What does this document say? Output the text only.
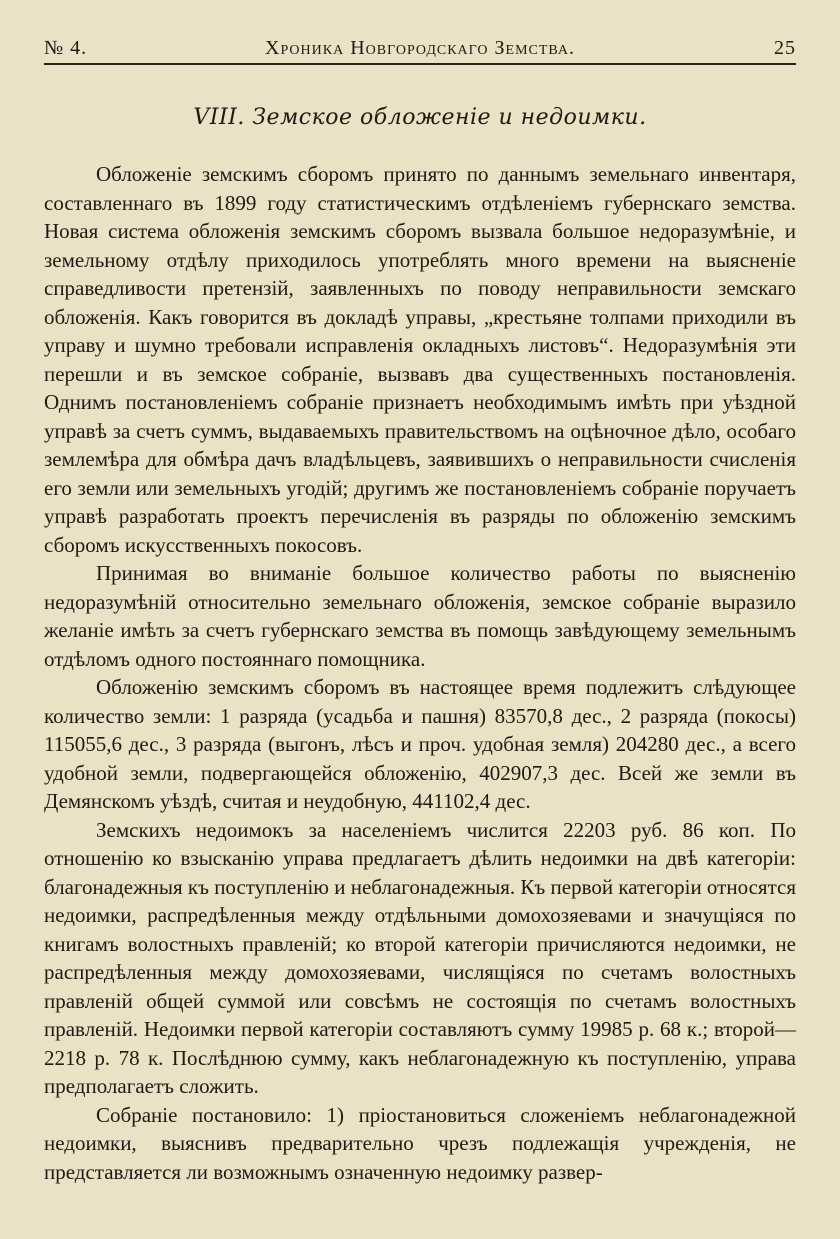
№ 4.	Хроника Новгородскаго Земства.	25
VIII. Земское обложеніе и недоимки.

Обложеніе земскимъ сборомъ принято по даннымъ земельнаго инвентаря, составленнаго въ 1899 году статистическимъ отдѣленіемъ губернскаго земства. Новая система обложенія земскимъ сборомъ вызвала большое недоразумѣніе, и земельному отдѣлу приходилось употреблять много времени на выясненіе справедливости претензій, заявленныхъ по поводу неправильности земскаго обложенія. Какъ говорится въ докладѣ управы, „крестьяне толпами приходили въ управу и шумно требовали исправленія окладныхъ листовъ“. Недоразумѣнія эти перешли и въ земское собраніе, вызвавъ два существенныхъ постановленія. Однимъ постановленіемъ собраніе признаетъ необходимымъ имѣть при уѣздной управѣ за счетъ суммъ, выдаваемыхъ правительствомъ на оцѣночное дѣло, особаго землемѣра для обмѣра дачъ владѣльцевъ, заявившихъ о неправильности счисленія его земли или земельныхъ угодій; другимъ же постановленіемъ собраніе поручаетъ управѣ разработать проектъ перечисленія въ разряды по обложенію земскимъ сборомъ искусственныхъ покосовъ.

Принимая во вниманіе большое количество работы по выясненію недоразумѣній относительно земельнаго обложенія, земское собраніе выразило желаніе имѣть за счетъ губернскаго земства въ помощь завѣдующему земельнымъ отдѣломъ одного постояннаго помощника.

Обложенію земскимъ сборомъ въ настоящее время подлежитъ слѣдующее количество земли: 1 разряда (усадьба и пашня) 83570,8 дес., 2 разряда (покосы) 115055,6 дес., 3 разряда (выгонъ, лѣсъ и проч. удобная земля) 204280 дес., а всего удобной земли, подвергающейся обложенію, 402907,3 дес. Всей же земли въ Демянскомъ уѣздѣ, считая и неудобную, 441102,4 дес.

Земскихъ недоимокъ за населеніемъ числится 22203 руб. 86 коп. По отношенію ко взысканію управа предлагаетъ дѣлить недоимки на двѣ категоріи: благонадежныя къ поступленію и неблагонадежныя. Къ первой категоріи относятся недоимки, распредѣленныя между отдѣльными домохозяевами и значущіяся по книгамъ волостныхъ правленій; ко второй категоріи причисляются недоимки, не распредѣленныя между домохозяевами, числящіяся по счетамъ волостныхъ правленій общей суммой или совсѣмъ не состоящія по счетамъ волостныхъ правленій. Недоимки первой категоріи составляютъ сумму 19985 р. 68 к.; второй— 2218 р. 78 к. Послѣднюю сумму, какъ неблагонадежную къ поступленію, управа предполагаетъ сложить.

Собраніе постановило: 1) пріостановиться сложеніемъ неблагонадежной недоимки, выяснивъ предварительно чрезъ подлежащія учрежденія, не представляется ли возможнымъ означенную недоимку развер-
